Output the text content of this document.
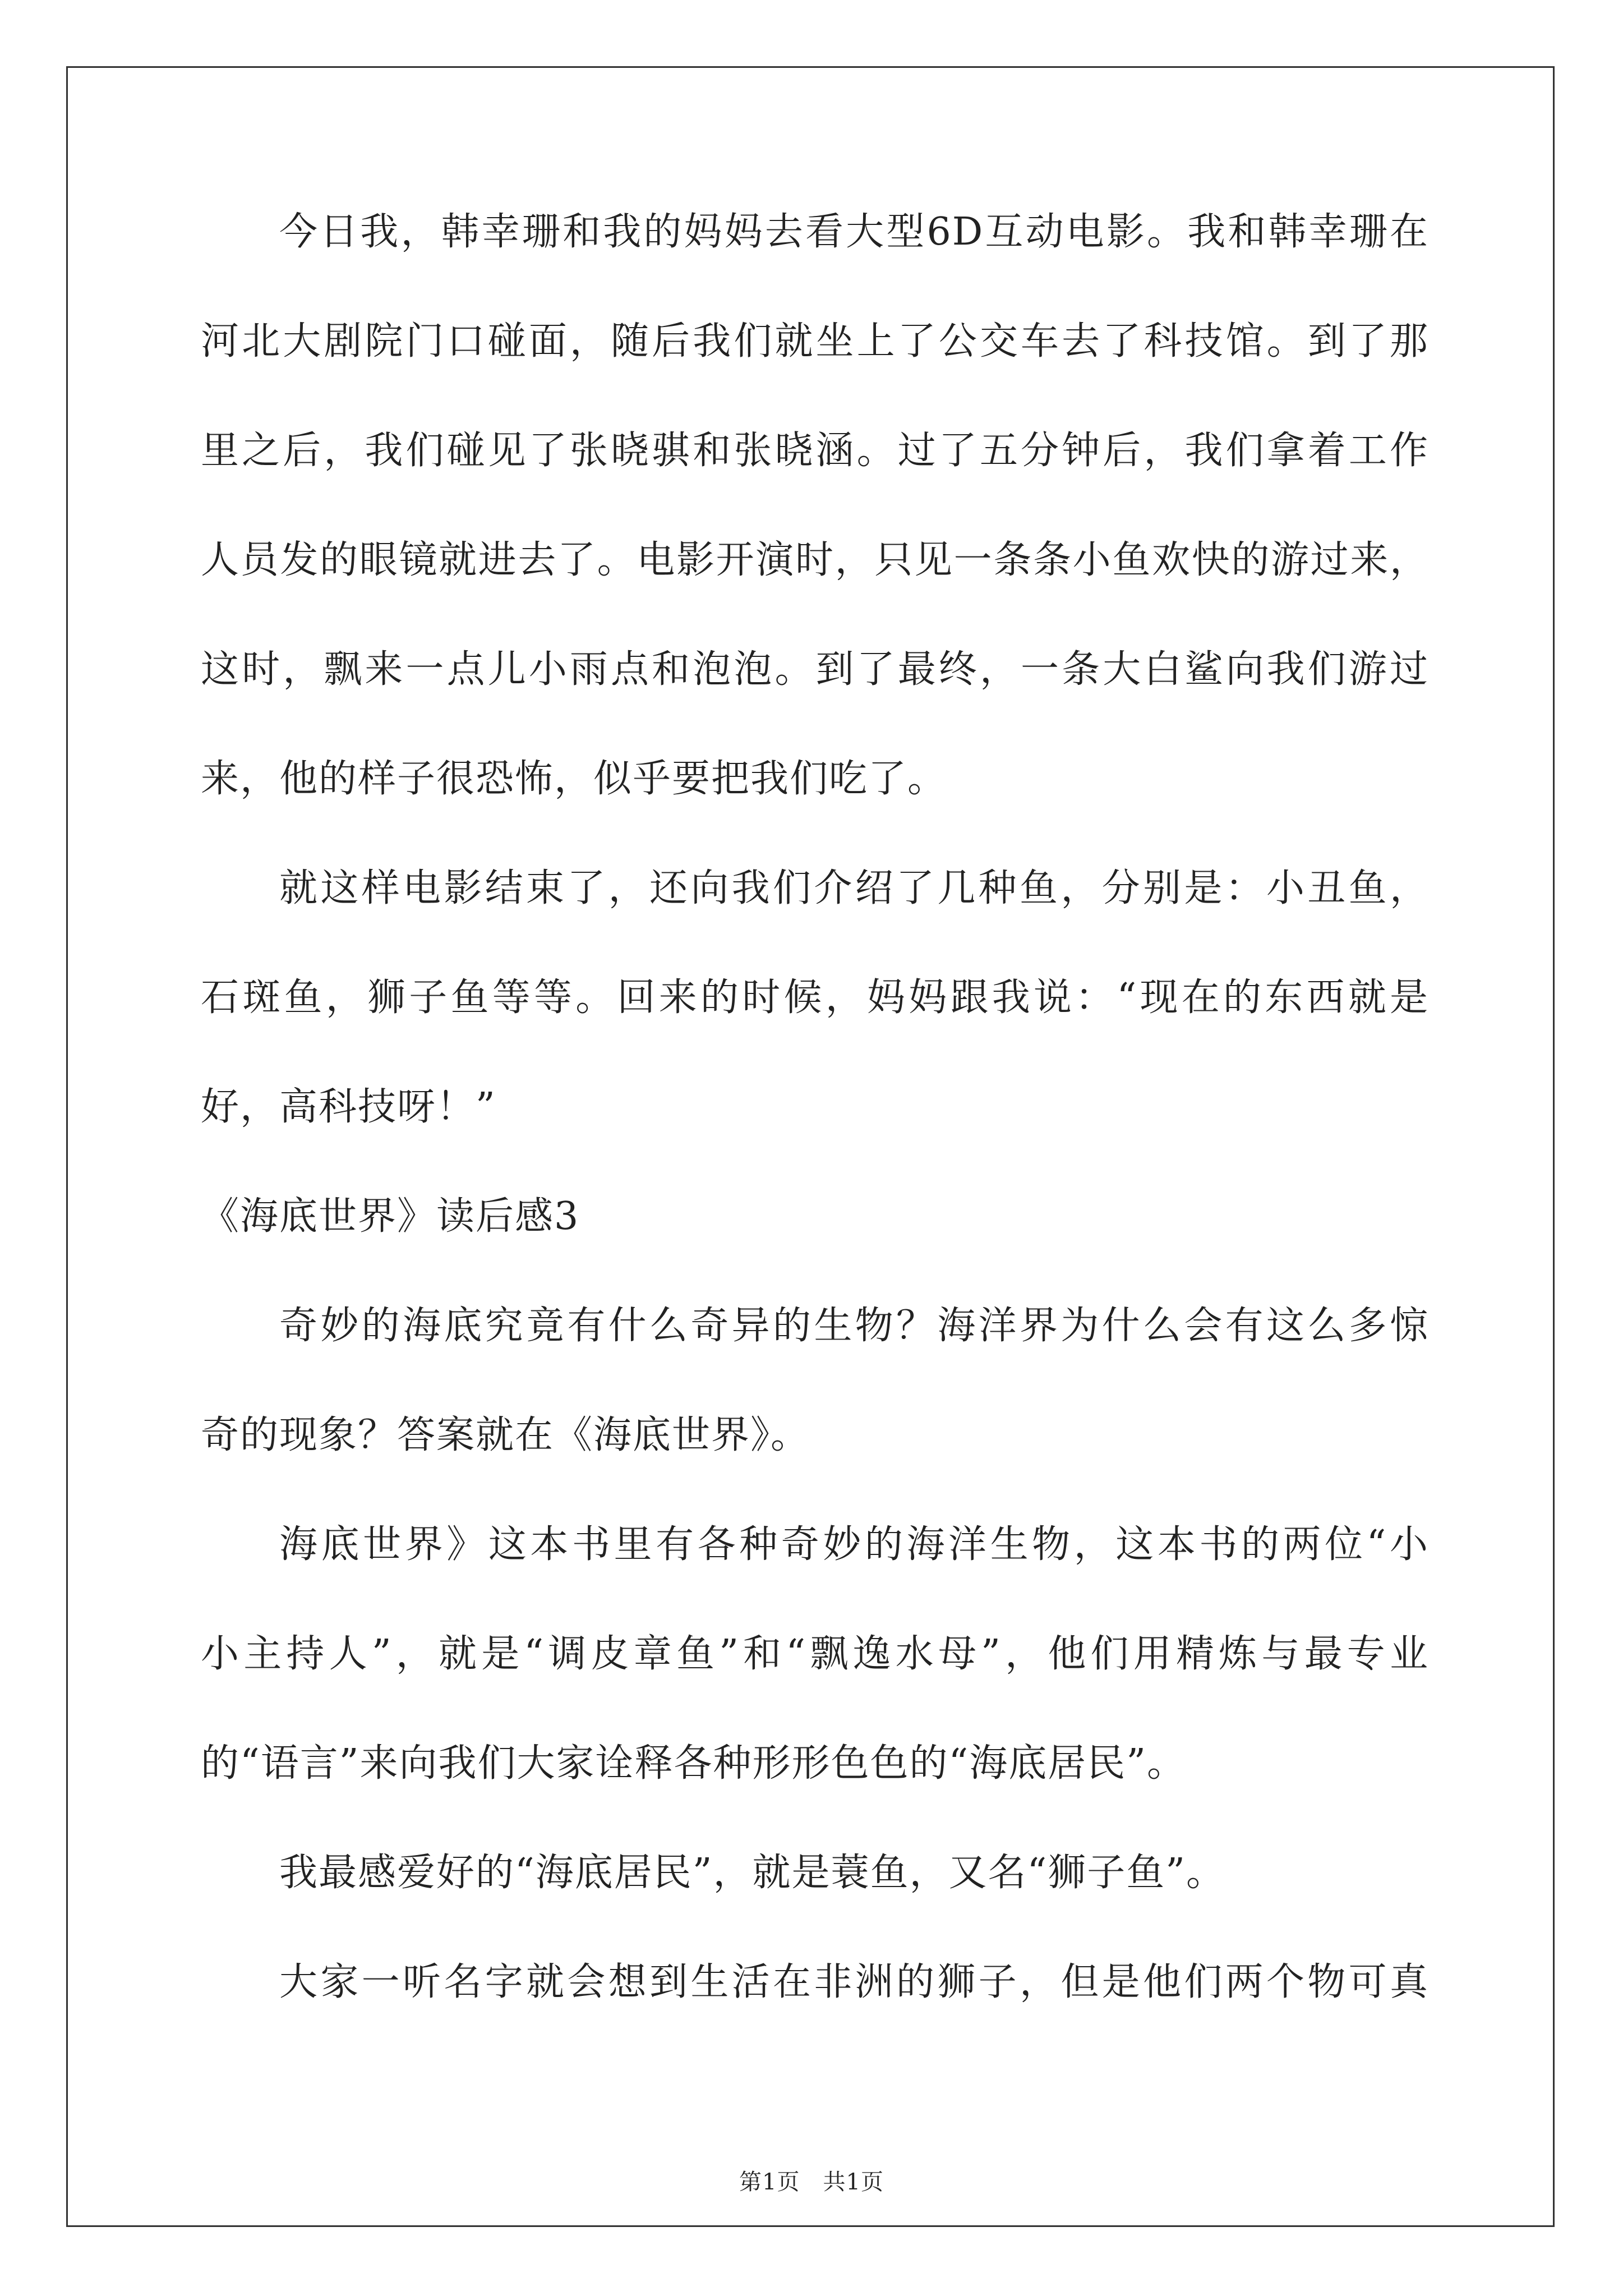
今日我，韩幸珊和我的妈妈去看大型6D互动电影。我和韩幸珊在
河北大剧院门口碰面，随后我们就坐上了公交车去了科技馆。到了那
里之后，我们碰见了张晓骐和张晓涵。过了五分钟后，我们拿着工作
人员发的眼镜就进去了。电影开演时，只见一条条小鱼欢快的游过来，
这时，飘来一点儿小雨点和泡泡。到了最终，一条大白鲨向我们游过
来，他的样子很恐怖，似乎要把我们吃了。
就这样电影结束了，还向我们介绍了几种鱼，分别是：小丑鱼，
石斑鱼，狮子鱼等等。回来的时候，妈妈跟我说：“现在的东西就是
好，高科技呀！”
《海底世界》读后感3
奇妙的海底究竟有什么奇异的生物？海洋界为什么会有这么多惊
奇的现象？答案就在《海底世界》。
海底世界》这本书里有各种奇妙的海洋生物，这本书的两位“小
小主持人”，就是“调皮章鱼”和“飘逸水母”，他们用精炼与最专业
的“语言”来向我们大家诠释各种形形色色的“海底居民”。
我最感爱好的“海底居民”，就是蓑鱼，又名“狮子鱼”。
大家一听名字就会想到生活在非洲的狮子，但是他们两个物可真
第1页　共1页
